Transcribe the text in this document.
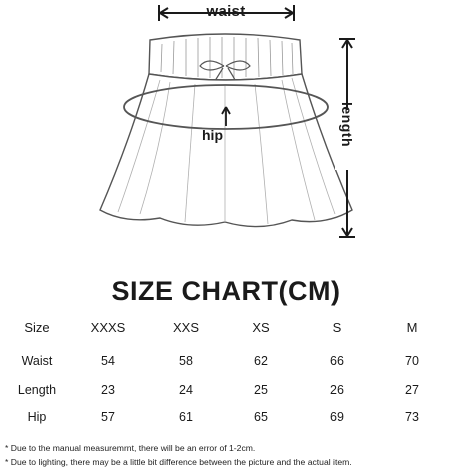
waist
hip	length
SIZE CHART(CM)
Size	XXXS	XXS	XS	S	M
Waist	54	58	62	66	70
Length	23	24	25	26	27
Hip	57	61	65	69	73
* Due to the manual measuremrnt, there will be an error of 1-2cm.
* Due to lighting, there may be a little bit difference between the picture and the actual item.
